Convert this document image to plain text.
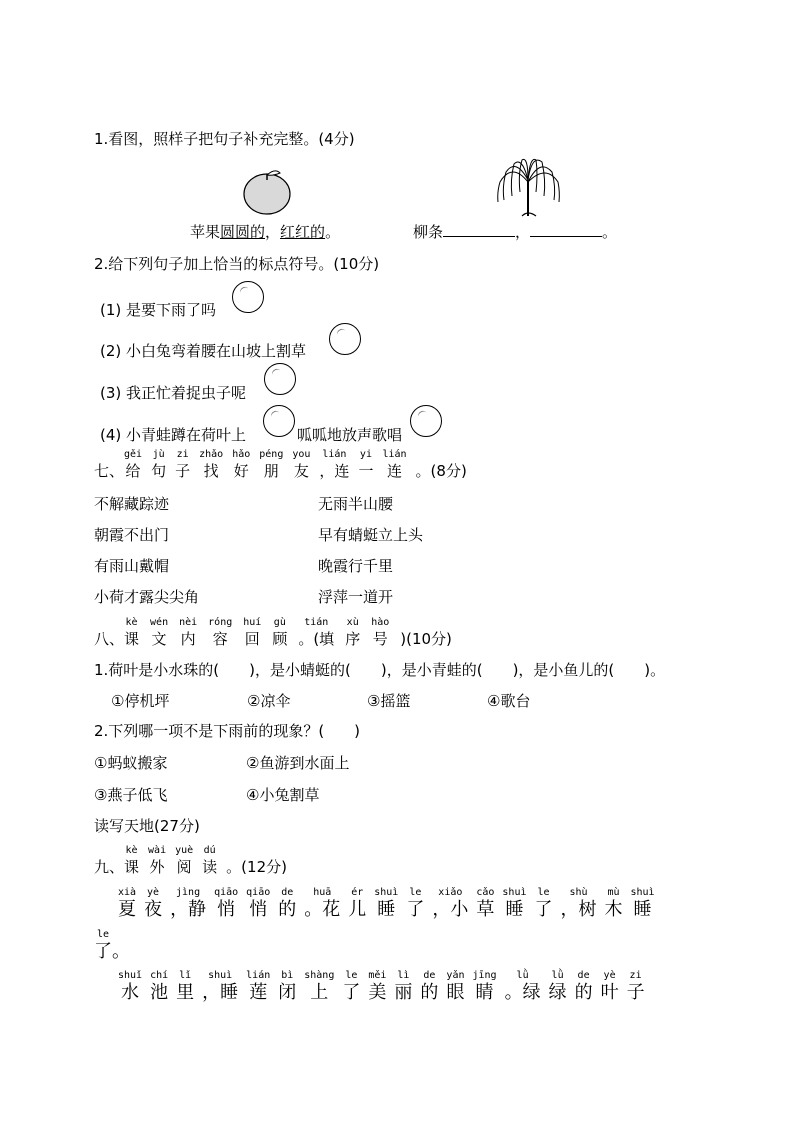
1.看图，照样子把句子补充完整。(4分)
苹果圆圆的，红红的。	柳条	，	。
2.给下列句子加上恰当的标点符号。(10分)
(1) 是要下雨了吗
(2) 小白兔弯着腰在山坡上割草
(3) 我正忙着捉虫子呢
(4) 小青蛙蹲在荷叶上	呱呱地放声歌唱
七、
gěi
给
jù
句
zi
子
zhǎo
找
hǎo
好
péng
朋
you
友
lián
，连
yi
一
lián
连 。(8分)
不解藏踪迹	无雨半山腰
朝霞不出门	早有蜻蜓立上头
有雨山戴帽	晚霞行千里
小荷才露尖尖角	浮萍一道开
八、
kè
课
wén
文
nèi
内
róng
容
huí
回
gù
顾
tián
。(填
xù
序
hào
号 )(10分)
1.荷叶是小水珠的(　　)，是小蜻蜓的(　　)，是小青蛙的(　　)，是小鱼儿的(　　)。
①停机坪	②凉伞	③摇篮	④歌台
2.下列哪一项不是下雨前的现象？(　　)
①蚂蚁搬家	②鱼游到水面上
③燕子低飞	④小兔割草
读写天地(27分)
九、
kè
课
wài
外
yuè
阅
dú
读 。(12分)
xià
夏
yè
夜
jìng
，静
qiāo
悄
qiāo
悄
de
的
huā
。花
ér
儿
shuì
睡
le
了
xiǎo
，小
cǎo
草
shuì
睡
le
了
shù
，树
mù
木
shuì
睡
le
了 。
shuǐ
水
chí
池
lǐ
里
shuì
，睡
lián
莲
bì
闭
shàng
上
le
了
měi
美
lì
丽
de
的
yǎn
眼
jīng
睛
lǜ
。绿
lǜ
绿
de
的
yè
叶
zi
子
